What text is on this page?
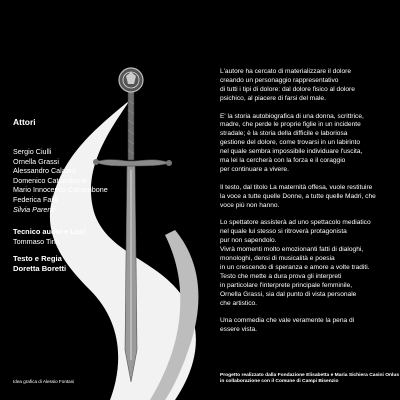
Attori
Sergio Ciulli
Ornella Grassi
Alessandro Calabrò
Domenico Catrambone
Mario Innocenzo Catrambone
Federica Failli
Silvia Parenti
Tecnico audio e Luci
Tommaso Tinti
Testo e Regia
Doretta Boretti
Idea grafica di Alessio Fontani

L'autore ha cercato di materializzare il dolore
creando un personaggio rappresentativo
di tutti i tipi di dolore: dal dolore fisico al dolore
psichico, al piacere di farsi del male.

E' la storia autobiografica di una donna, scrittrice,
madre, che perde le proprie figlie in un incidente
stradale; è la storia della difficile e laboriosa
gestione del dolore, come trovarsi in un labirinto
nel quale sembra impossibile individuare l'uscita,
ma lei la cercherà con la forza e il coraggio
per continuare a vivere.

Il testo, dal titolo La maternità offesa, vuole restituire
la voce a tutte quelle Donne, a tutte quelle Madri, che
voce più non hanno.

Lo spettatore assisterà ad uno spettacolo mediatico
nel quale lui stesso si ritroverà protagonista
pur non sapendolo.
Vivrà momenti molto emozionanti fatti di dialoghi,
monologhi, densi di musicalità e poesia
in un crescendo di speranza e amore a volte traditi.
Testo che mette a dura prova gli interpreti
in particolare l'interprete principale femminile,
Ornella Grassi, sia dal punto di vista personale
che artistico.

Una commedia che vale veramente la pena di
essere vista.

Progetto realizzato dalla Fondazione Elisabetta e Maria Sichiera Casini Onlus
in collaborazione con il Comune di Campi Bisenzio
